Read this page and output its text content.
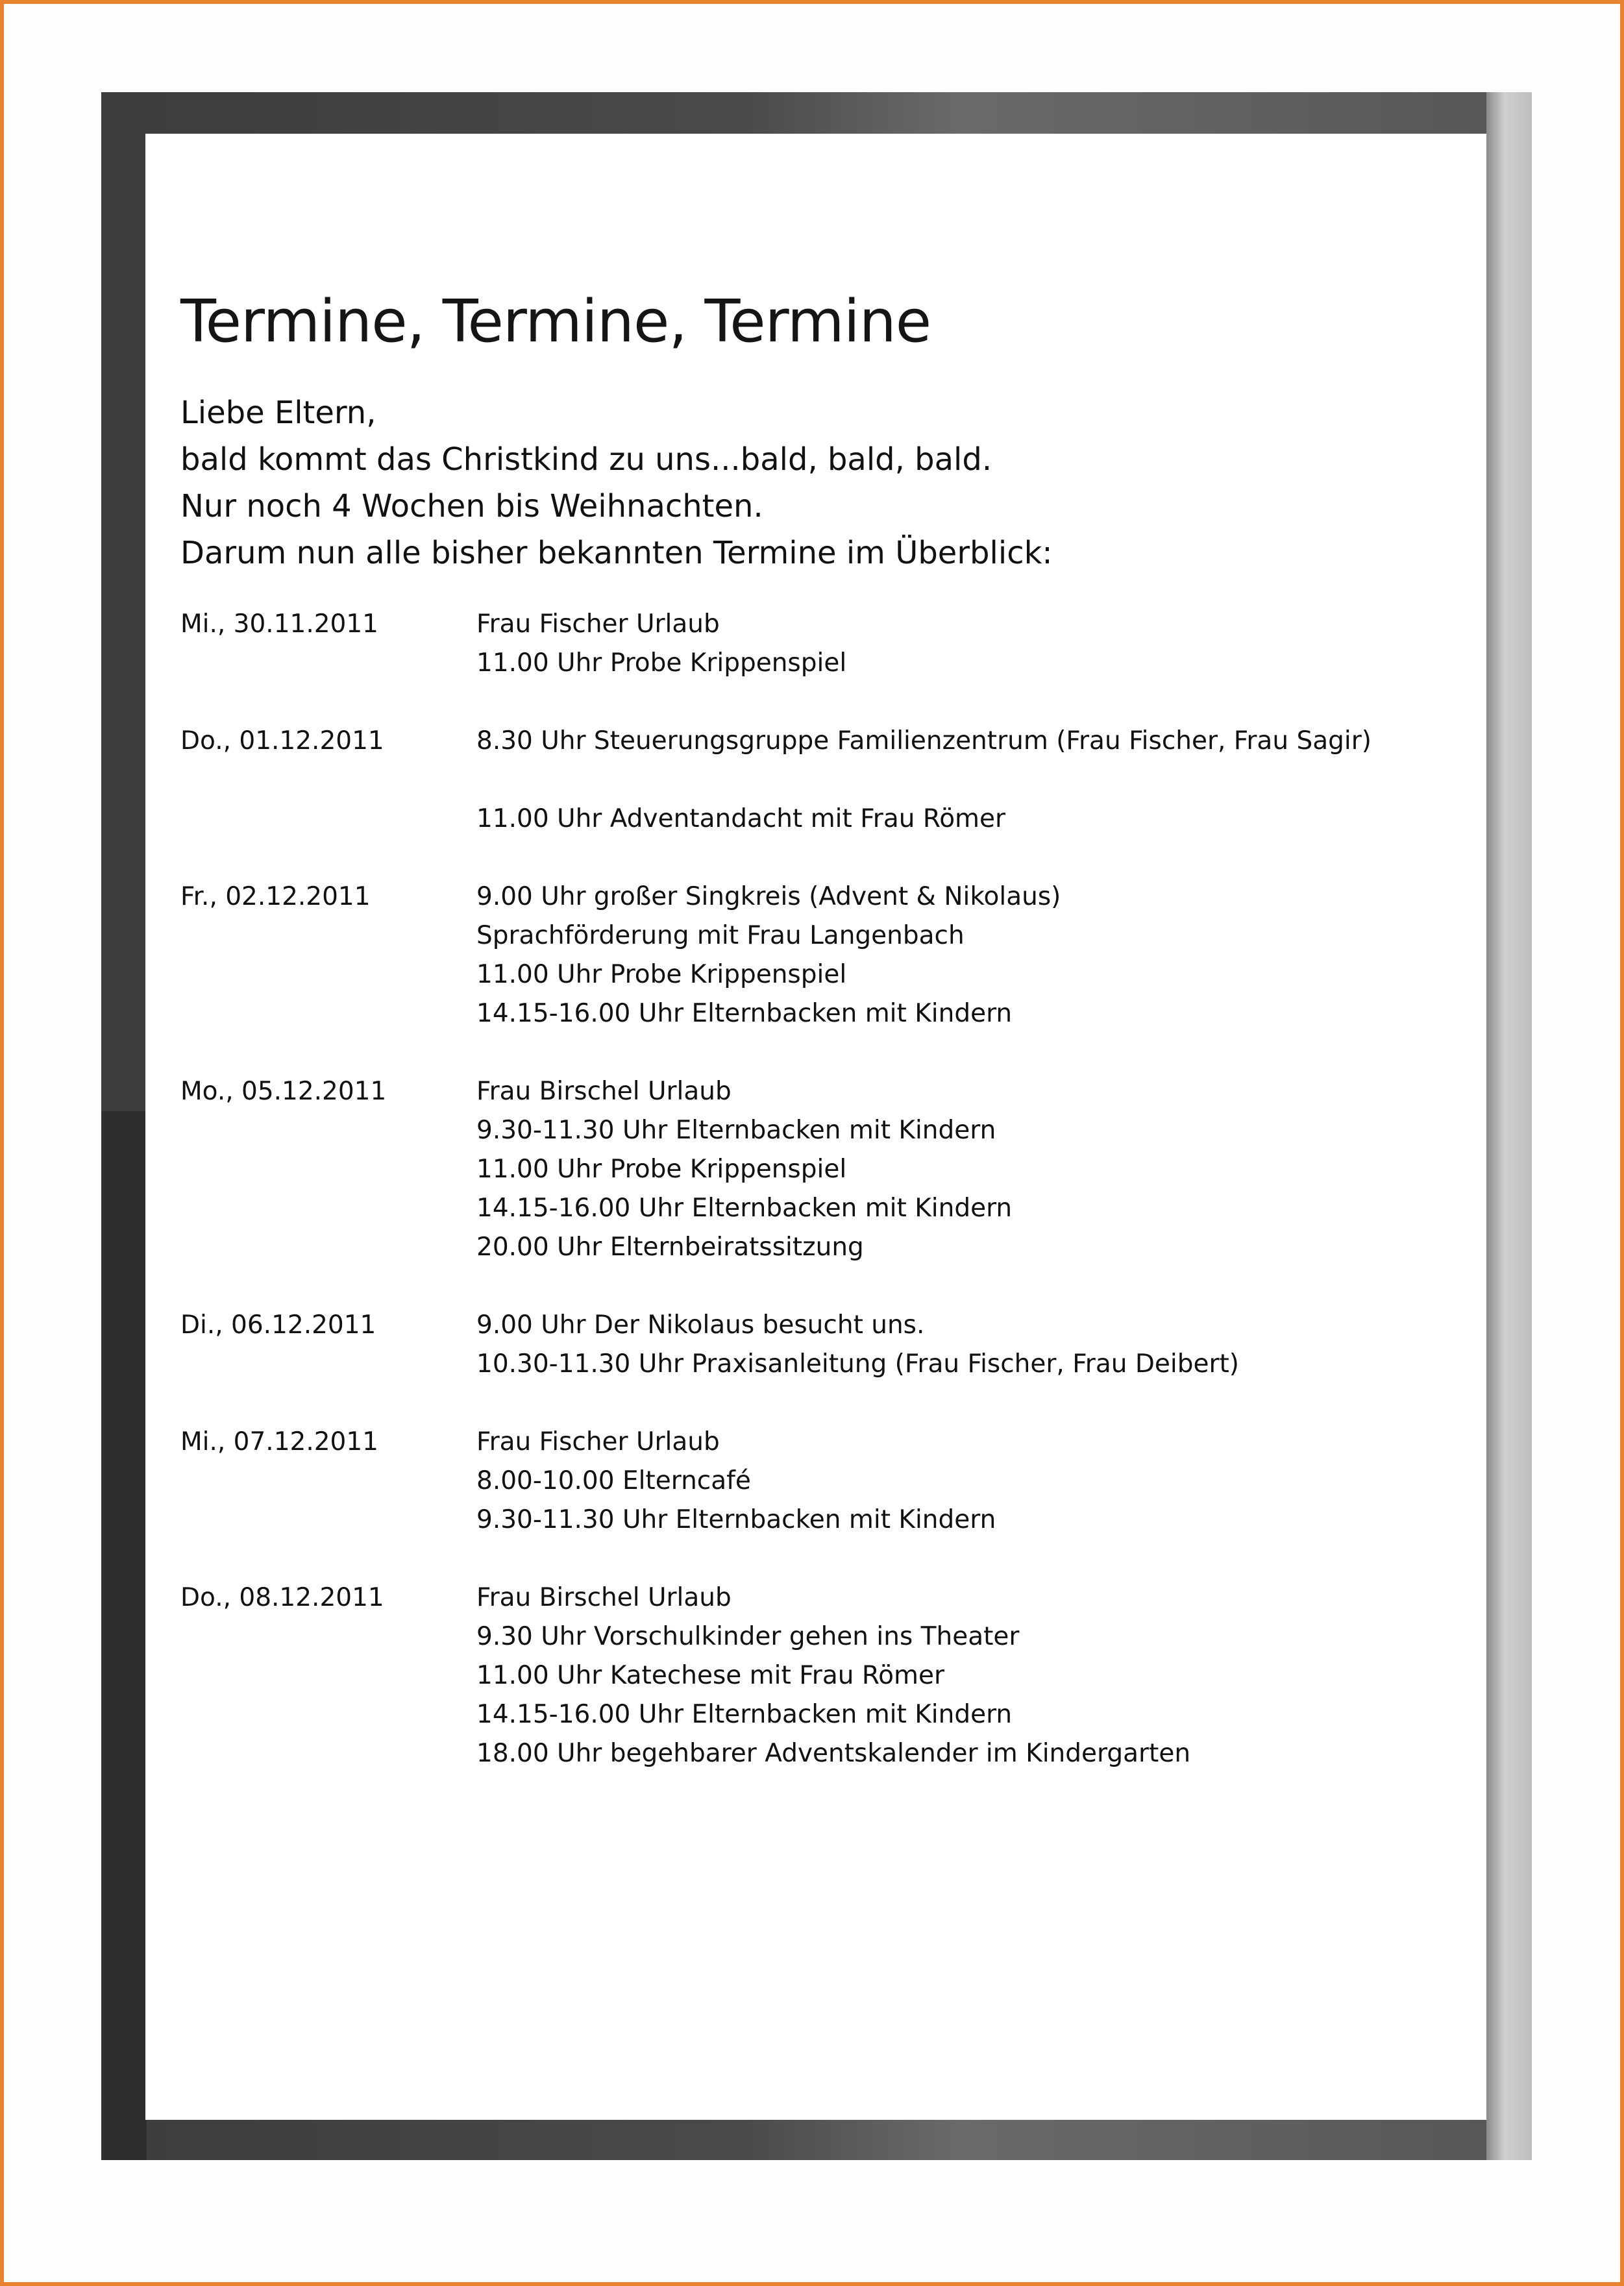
Termine, Termine, Termine
Liebe Eltern,
bald kommt das Christkind zu uns...bald, bald, bald.
Nur noch 4 Wochen bis Weihnachten.
Darum nun alle bisher bekannten Termine im Überblick:
Mi., 30.11.2011	Frau Fischer Urlaub
11.00 Uhr Probe Krippenspiel
Do., 01.12.2011	8.30 Uhr Steuerungsgruppe Familienzentrum (Frau Fischer, Frau Sagir)
11.00 Uhr Adventandacht mit Frau Römer
Fr., 02.12.2011	9.00 Uhr großer Singkreis (Advent & Nikolaus)
Sprachförderung mit Frau Langenbach
11.00 Uhr Probe Krippenspiel
14.15-16.00 Uhr Elternbacken mit Kindern
Mo., 05.12.2011	Frau Birschel Urlaub
9.30-11.30 Uhr Elternbacken mit Kindern
11.00 Uhr Probe Krippenspiel
14.15-16.00 Uhr Elternbacken mit Kindern
20.00 Uhr Elternbeiratssitzung
Di., 06.12.2011	9.00 Uhr Der Nikolaus besucht uns.
10.30-11.30 Uhr Praxisanleitung (Frau Fischer, Frau Deibert)
Mi., 07.12.2011	Frau Fischer Urlaub
8.00-10.00 Elterncafé
9.30-11.30 Uhr Elternbacken mit Kindern
Do., 08.12.2011	Frau Birschel Urlaub
9.30 Uhr Vorschulkinder gehen ins Theater
11.00 Uhr Katechese mit Frau Römer
14.15-16.00 Uhr Elternbacken mit Kindern
18.00 Uhr begehbarer Adventskalender im Kindergarten
